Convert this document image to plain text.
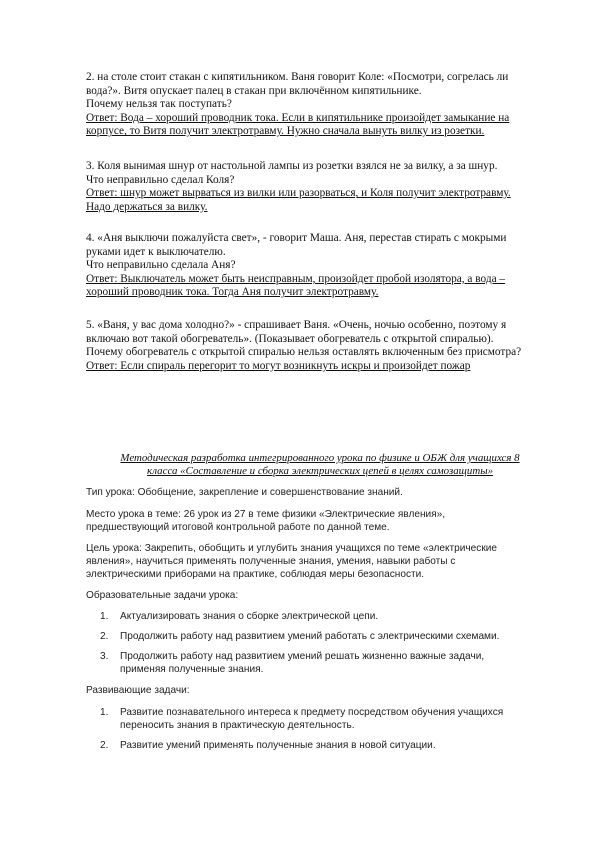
2. на столе стоит стакан с кипятильником. Ваня говорит Коле: «Посмотри, согрелась ли

вода?». Витя опускает палец в стакан при включённом кипятильнике.

Почему нельзя так поступать?

Ответ: Вода – хороший проводник тока. Если в кипятильнике произойдет замыкание на

корпусе, то Витя получит электротравму. Нужно сначала вынуть вилку из розетки.

3. Коля вынимая шнур от настольной лампы из розетки взялся не за вилку, а за шнур.

Что неправильно сделал Коля?

Ответ: шнур может вырваться из вилки или разорваться, и Коля получит электротравму.

Надо держаться за вилку.

4. «Аня выключи пожалуйста свет», - говорит Маша. Аня, перестав стирать с мокрыми

руками идет к выключателю.

Что неправильно сделала Аня?

Ответ: Выключатель может быть неисправным, произойдет пробой изолятора, а вода –

хороший проводник тока. Тогда Аня получит электротравму.

5. «Ваня, у вас дома холодно?» - спрашивает Ваня. «Очень, ночью особенно, поэтому я

включаю вот такой обогреватель». (Показывает обогреватель с открытой спиралью).

Почему обогреватель с открытой спиралью нельзя оставлять включенным без присмотра?

Ответ: Если спираль перегорит то могут возникнуть искры и произойдет пожар

Методическая разработка интегрированного урока по физике и ОБЖ для учащихся 8
класса «Составление и сборка электрических цепей в целях самозащиты»

Тип урока: Обобщение, закрепление и совершенствование знаний.

Место урока в теме: 26 урок из 27 в теме физики «Электрические явления»,
предшествующий итоговой контрольной работе по данной теме.
Цель урока: Закрепить, обобщить и углубить знания учащихся по теме «электрические
явления», научиться применять полученные знания, умения, навыки работы с
электрическими приборами на практике, соблюдая меры безопасности.

Образовательные задачи урока:

1.	Актуализировать знания о сборке электрической цепи.
2.	Продолжить работу над развитием умений работать с электрическими схемами.
3.	Продолжить работу над развитием умений решать жизненно важные задачи,
применяя полученные знания.

Развивающие задачи:

1.	Развитие познавательного интереса к предмету посредством обучения учащихся
переносить знания в практическую деятельность.
2.	Развитие умений применять полученные знания в новой ситуации.
